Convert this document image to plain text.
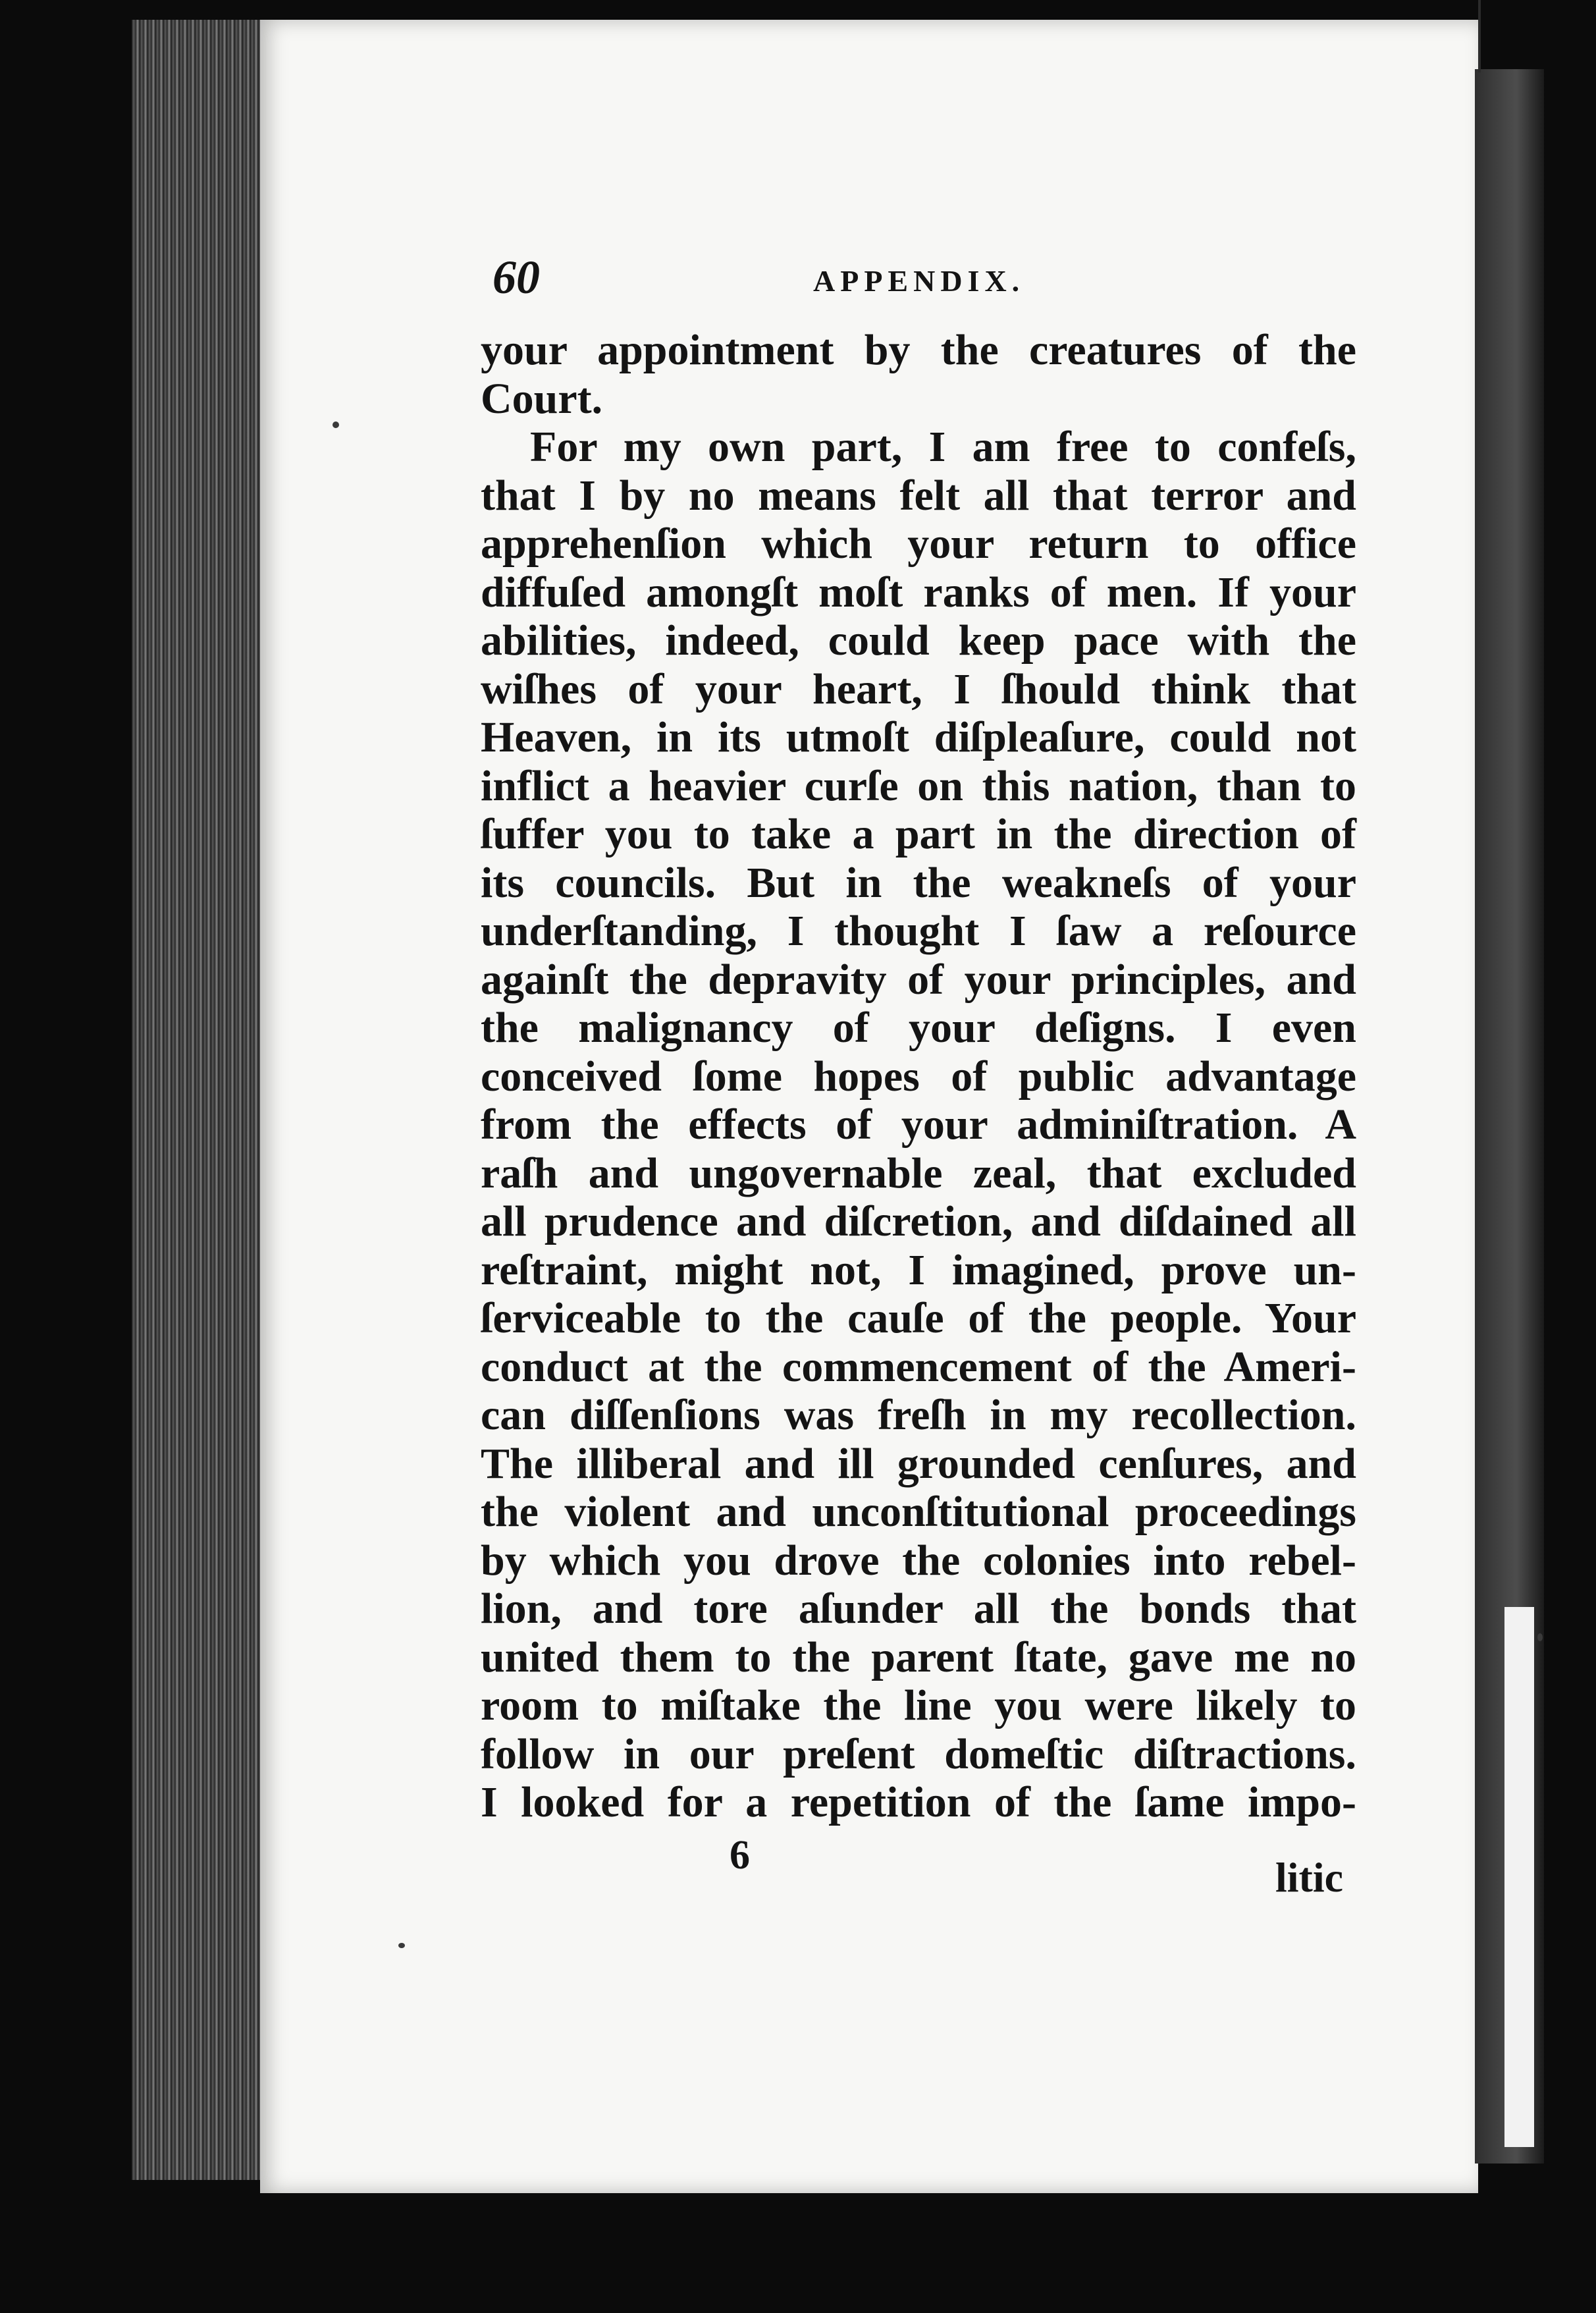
60	APPENDIX.
your appointment by the creatures of the
Court.
For my own part, I am free to confeſs,
that I by no means felt all that terror and
apprehenſion which your return to office
diffuſed amongſt moſt ranks of men. If your
abilities, indeed, could keep pace with the
wiſhes of your heart, I ſhould think that
Heaven, in its utmoſt diſpleaſure, could not
inflict a heavier curſe on this nation, than to
ſuffer you to take a part in the direction of
its councils. But in the weakneſs of your
underſtanding, I thought I ſaw a reſource
againſt the depravity of your principles, and
the malignancy of your deſigns. I even
conceived ſome hopes of public advantage
from the effects of your adminiſtration. A
raſh and ungovernable zeal, that excluded
all prudence and diſcretion, and diſdained all
reſtraint, might not, I imagined, prove un-
ſerviceable to the cauſe of the people. Your
conduct at the commencement of the Ameri-
can diſſenſions was freſh in my recollection.
The illiberal and ill grounded cenſures, and
the violent and unconſtitutional proceedings
by which you drove the colonies into rebel-
lion, and tore aſunder all the bonds that
united them to the parent ſtate, gave me no
room to miſtake the line you were likely to
follow in our preſent domeſtic diſtractions.
I looked for a repetition of the ſame impo-
6	litic
